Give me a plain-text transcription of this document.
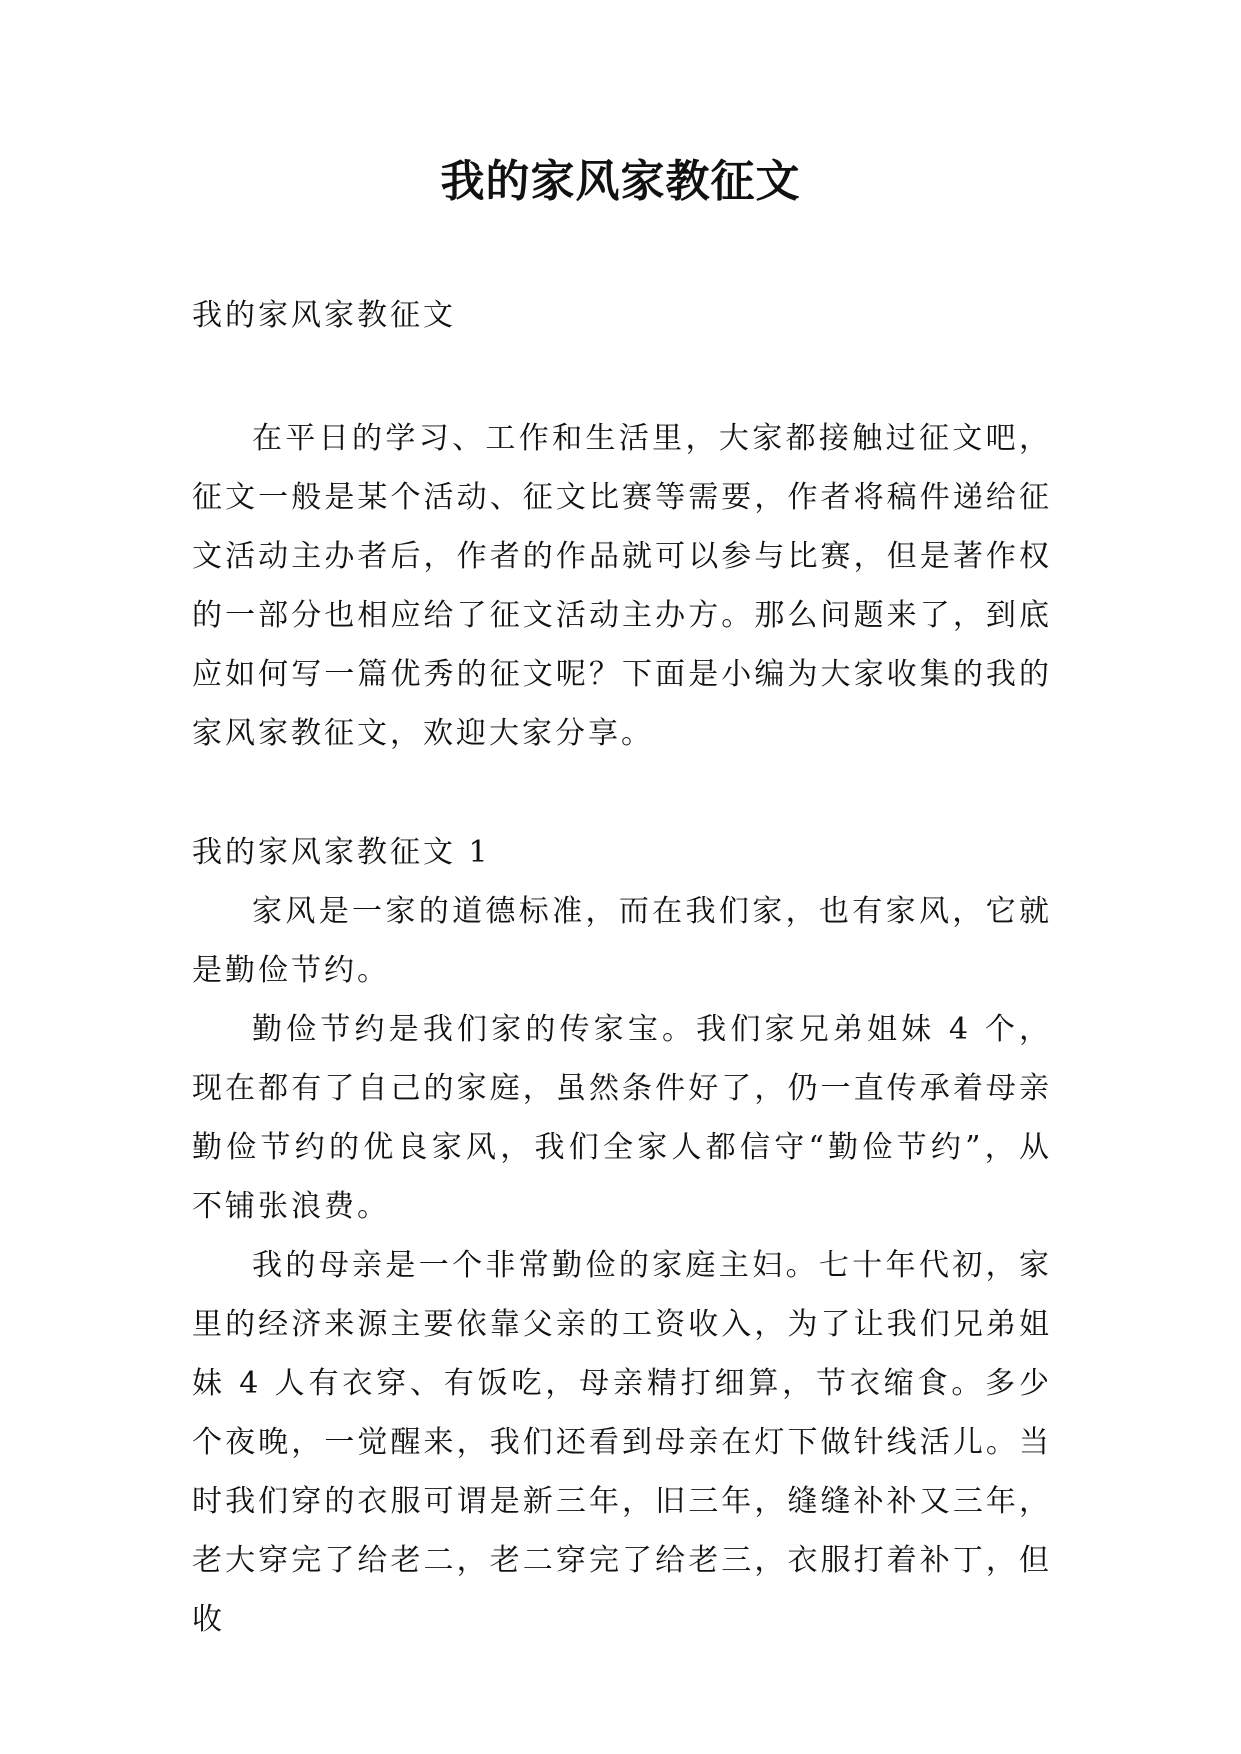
我的家风家教征文

我的家风家教征文

在平日的学习、工作和生活里，大家都接触过征文吧，征文一般是某个活动、征文比赛等需要，作者将稿件递给征文活动主办者后，作者的作品就可以参与比赛，但是著作权的一部分也相应给了征文活动主办方。那么问题来了，到底应如何写一篇优秀的征文呢？下面是小编为大家收集的我的家风家教征文，欢迎大家分享。

我的家风家教征文 1

家风是一家的道德标准，而在我们家，也有家风，它就是勤俭节约。

勤俭节约是我们家的传家宝。我们家兄弟姐妹 4 个，现在都有了自己的家庭，虽然条件好了，仍一直传承着母亲勤俭节约的优良家风，我们全家人都信守“勤俭节约”，从不铺张浪费。

我的母亲是一个非常勤俭的家庭主妇。七十年代初，家里的经济来源主要依靠父亲的工资收入，为了让我们兄弟姐妹 4 人有衣穿、有饭吃，母亲精打细算，节衣缩食。多少个夜晚，一觉醒来，我们还看到母亲在灯下做针线活儿。当时我们穿的衣服可谓是新三年，旧三年，缝缝补补又三年，老大穿完了给老二，老二穿完了给老三，衣服打着补丁，但收
